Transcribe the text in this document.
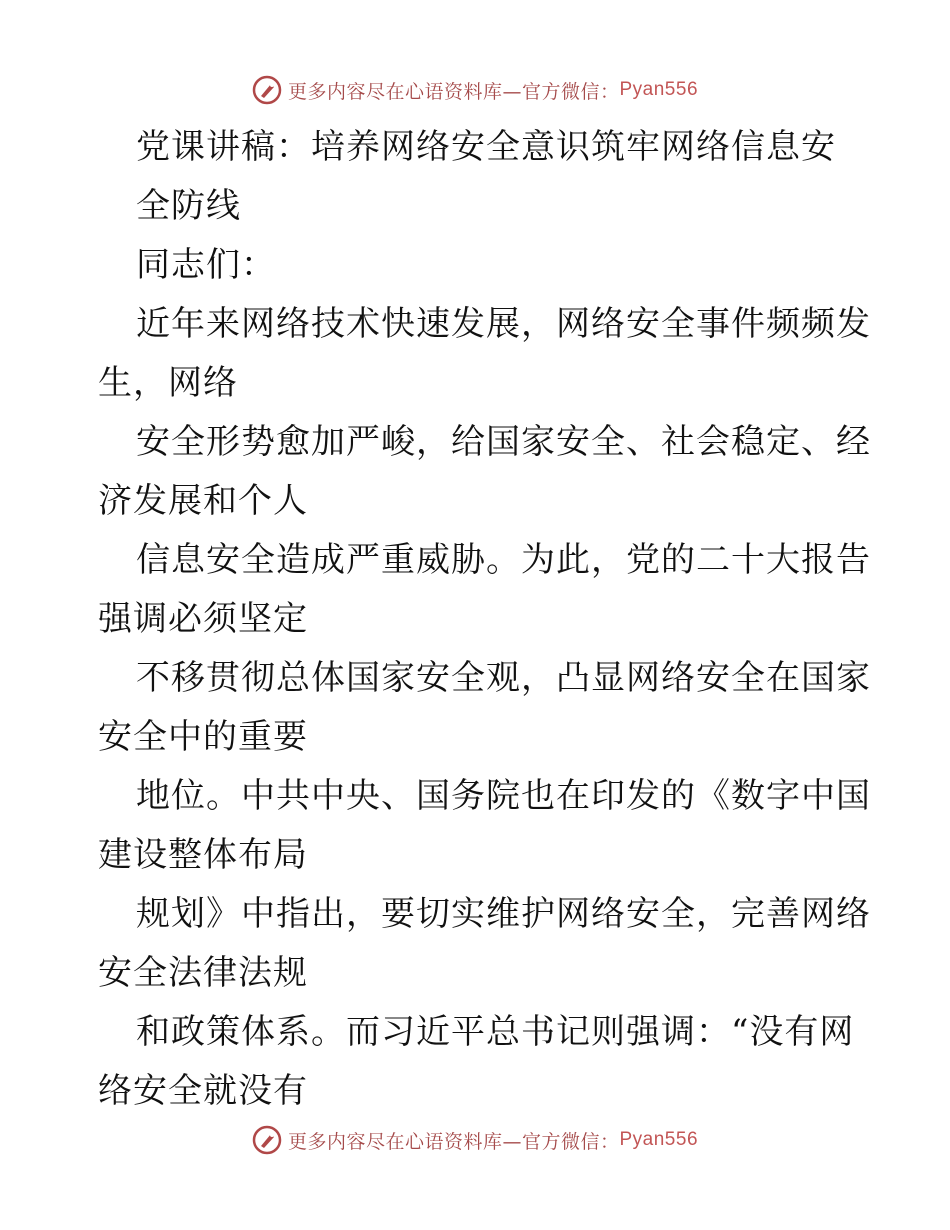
更多内容尽在心语资料库—官方微信： Pyan556
党课讲稿：培养网络安全意识筑牢网络信息安
全防线
同志们：
近年来网络技术快速发展，网络安全事件频频发
生，网络
安全形势愈加严峻，给国家安全、社会稳定、经
济发展和个人
信息安全造成严重威胁。为此，党的二十大报告
强调必须坚定
不移贯彻总体国家安全观，凸显网络安全在国家
安全中的重要
地位。中共中央、国务院也在印发的《数字中国
建设整体布局
规划》中指出，要切实维护网络安全，完善网络
安全法律法规
和政策体系。而习近平总书记则强调：“没有网
络安全就没有
更多内容尽在心语资料库—官方微信： Pyan556
